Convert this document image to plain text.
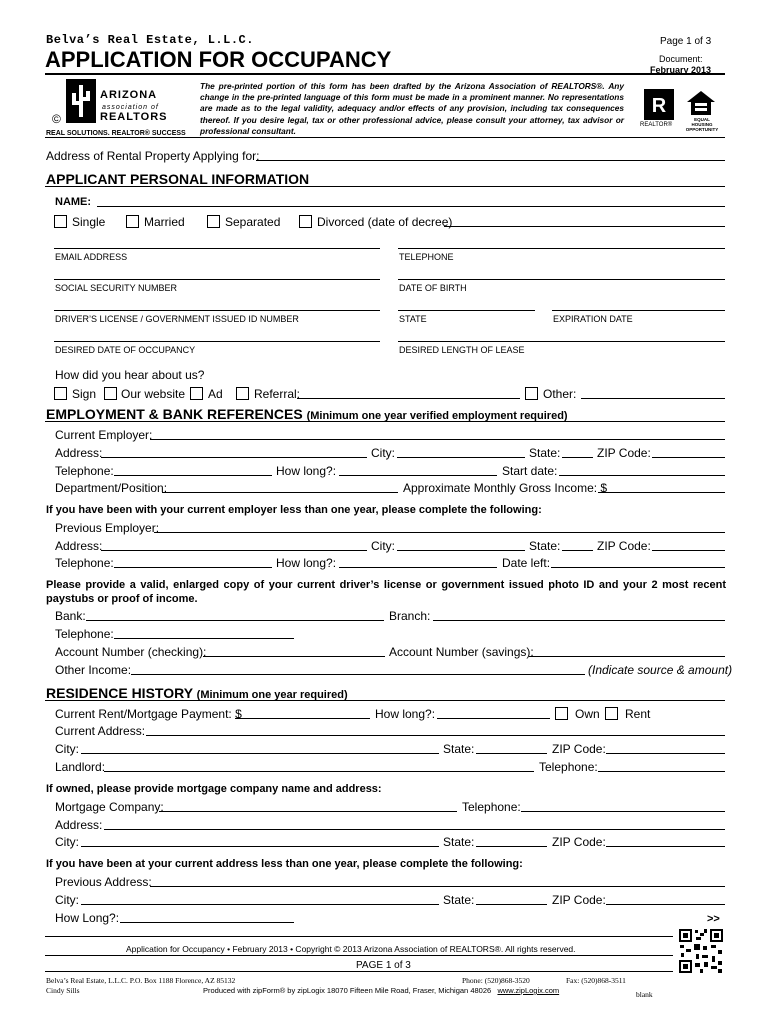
Belva’s Real Estate, L.L.C.	Page 1 of 3
APPLICATION FOR OCCUPANCY	Document:
February 2013
ARIZONA
association of
REALTORS
©
REAL SOLUTIONS. REALTOR® SUCCESS
The pre-printed portion of this form has been drafted by the Arizona Association of REALTORS®. Any change in the pre-printed language of this form must be made in a prominent manner. No representations are made as to the legal validity, adequacy and/or effects of any provision, including tax consequences thereof. If you desire legal, tax or other professional advice, please consult your attorney, tax advisor or professional consultant.
R
REALTOR®
EQUAL HOUSING OPPORTUNITY
Address of Rental Property Applying for:
APPLICANT PERSONAL INFORMATION
NAME:
Single	Married	Separated	Divorced (date of decree)
EMAIL ADDRESS	TELEPHONE
SOCIAL SECURITY NUMBER	DATE OF BIRTH
DRIVER’S LICENSE / GOVERNMENT ISSUED ID NUMBER	STATE	EXPIRATION DATE
DESIRED DATE OF OCCUPANCY	DESIRED LENGTH OF LEASE
How did you hear about us?
Sign Our website Ad	Referral:	Other:
EMPLOYMENT & BANK REFERENCES (Minimum one year verified employment required)
Current Employer:
Address:	City:	State:	ZIP Code:
Telephone:	How long?:	Start date:
Department/Position:	Approximate Monthly Gross Income: $
If you have been with your current employer less than one year, please complete the following:
Previous Employer:
Address:	City:	State:	ZIP Code:
Telephone:	How long?:	Date left:
Please provide a valid, enlarged copy of your current driver’s license or government issued photo ID and your 2 most recent paystubs or proof of income.
Bank:	Branch:
Telephone:
Account Number (checking):	Account Number (savings):
Other Income:	(Indicate source & amount)
RESIDENCE HISTORY (Minimum one year required)
Current Rent/Mortgage Payment: $	How long?:	Own Rent
Current Address:
City:	State:	ZIP Code:
Landlord:	Telephone:
If owned, please provide mortgage company name and address:
Mortgage Company:	Telephone:
Address:
City:	State:	ZIP Code:
If you have been at your current address less than one year, please complete the following:
Previous Address:
City:	State:	ZIP Code:
How Long?:	>>
Application for Occupancy • February 2013 • Copyright © 2013 Arizona Association of REALTORS®. All rights reserved.
PAGE 1 of 3
Belva’s Real Estate, L.L.C. P.O. Box 1188 Florence, AZ 85132
Cindy Sills
Phone: (520)868-3520	Fax: (520)868-3511
Produced with zipForm® by zipLogix 18070 Fifteen Mile Road, Fraser, Michigan 48026 www.zipLogix.com	blank
